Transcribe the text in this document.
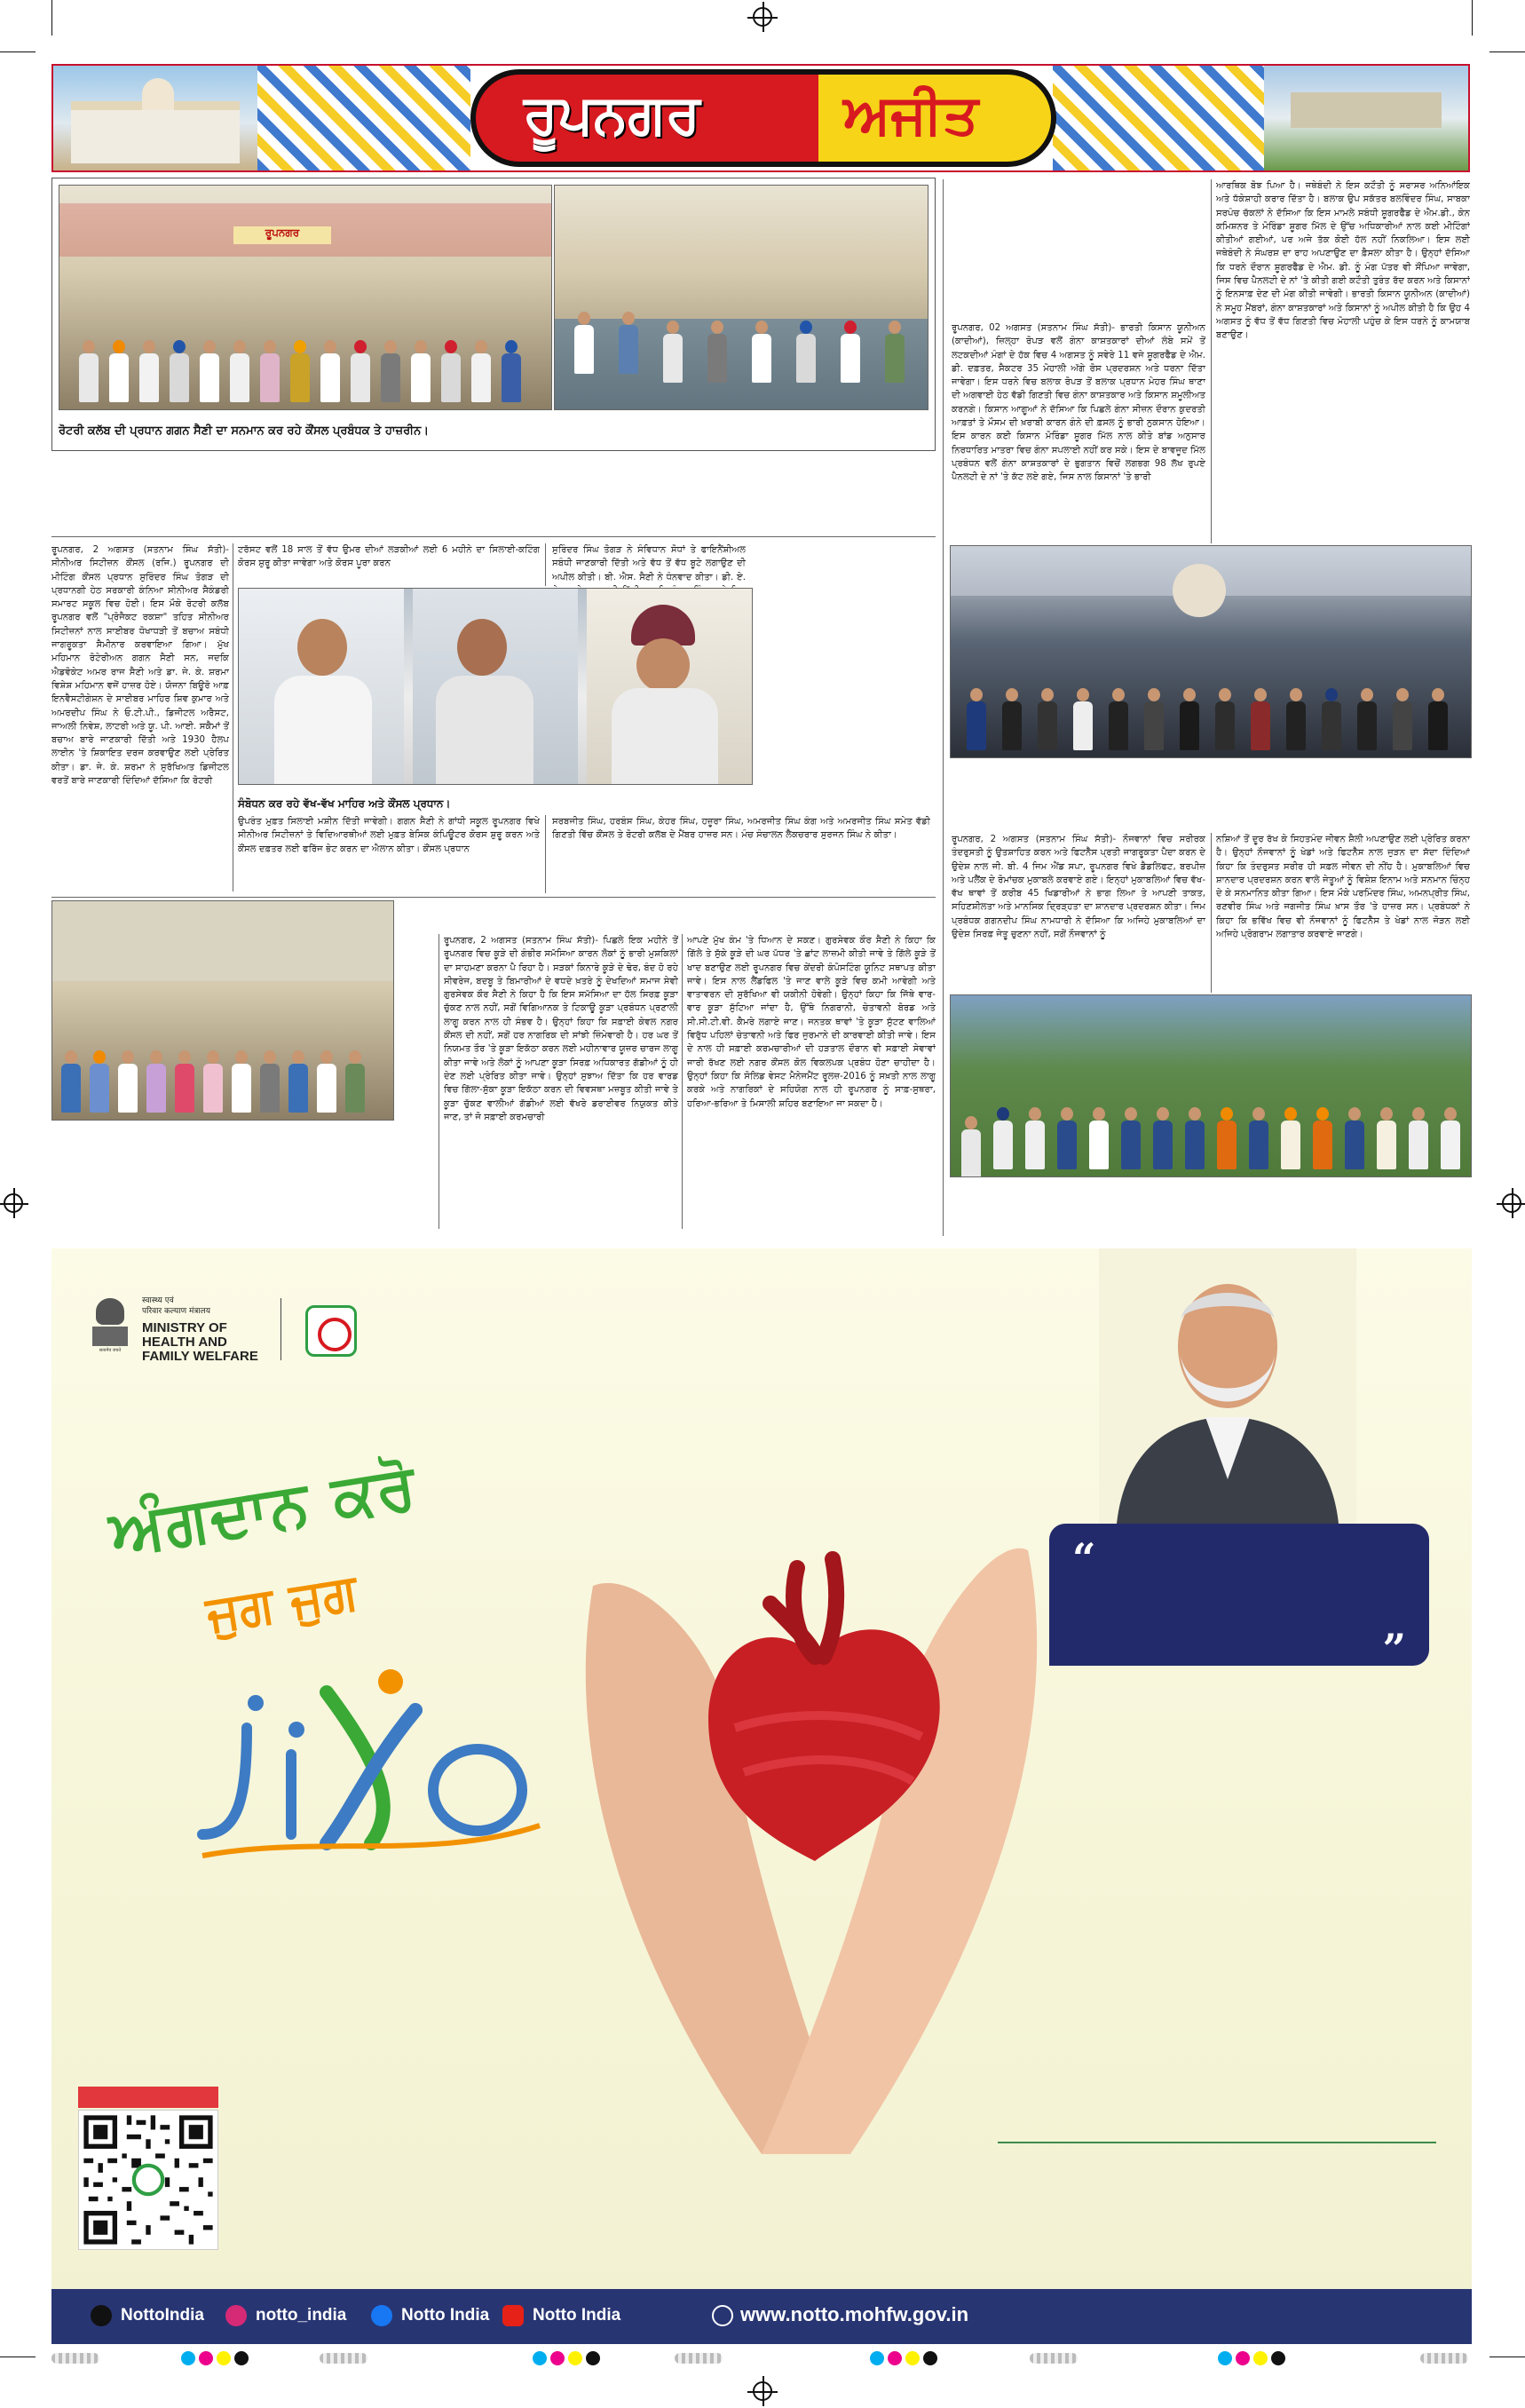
ਰੂਪਨਗਰ	ਅਜੀਤ
ਰੂਪਨਗਰ
ਰੋਟਰੀ ਕਲੱਬ ਦੀ ਪ੍ਰਧਾਨ ਗਗਨ ਸੈਣੀ ਦਾ ਸਨਮਾਨ ਕਰ ਰਹੇ ਕੌਂਸਲ ਪ੍ਰਬੰਧਕ ਤੇ ਹਾਜ਼ਰੀਨ।
ਰੂਪਨਗਰ, 02 ਅਗਸਤ (ਸਤਨਾਮ ਸਿੰਘ ਸੱਤੀ)- ਭਾਰਤੀ ਕਿਸਾਨ ਯੂਨੀਅਨ (ਕਾਦੀਆਂ), ਜ਼ਿਲ੍ਹਾ ਰੋਪੜ ਵਲੋਂ ਗੰਨਾ ਕਾਸ਼ਤਕਾਰਾਂ ਦੀਆਂ ਲੰਬੇ ਸਮੇਂ ਤੋਂ ਲਟਕਦੀਆਂ ਮੰਗਾਂ ਦੇ ਹੱਕ ਵਿਚ 4 ਅਗਸਤ ਨੂੰ ਸਵੇਰੇ 11 ਵਜੇ ਸ਼ੂਗਰਫੈੱਡ ਦੇ ਐਮ. ਡੀ. ਦਫ਼ਤਰ, ਸੈਕਟਰ 35 ਮੋਹਾਲੀ ਅੱਗੇ ਰੋਸ ਪ੍ਰਦਰਸ਼ਨ ਅਤੇ ਧਰਨਾ ਦਿੱਤਾ ਜਾਵੇਗਾ। ਇਸ ਧਰਨੇ ਵਿਚ ਬਲਾਕ ਰੋਪੜ ਤੋਂ ਬਲਾਕ ਪ੍ਰਧਾਨ ਮੇਹਰ ਸਿੰਘ ਥਾਣਾ ਦੀ ਅਗਵਾਈ ਹੇਠ ਵੱਡੀ ਗਿਣਤੀ ਵਿਚ ਗੰਨਾ ਕਾਸ਼ਤਕਾਰ ਅਤੇ ਕਿਸਾਨ ਸ਼ਮੂਲੀਅਤ ਕਰਨਗੇ। ਕਿਸਾਨ ਆਗੂਆਂ ਨੇ ਦੱਸਿਆ ਕਿ ਪਿਛਲੇ ਗੰਨਾ ਸੀਜ਼ਨ ਦੌਰਾਨ ਕੁਦਰਤੀ ਆਫ਼ਤਾਂ ਤੇ ਮੌਸਮ ਦੀ ਖ਼ਰਾਬੀ ਕਾਰਨ ਗੰਨੇ ਦੀ ਫ਼ਸਲ ਨੂੰ ਭਾਰੀ ਨੁਕਸਾਨ ਹੋਇਆ। ਇਸ ਕਾਰਨ ਕਈ ਕਿਸਾਨ ਮੋਰਿੰਡਾ ਸ਼ੂਗਰ ਮਿੱਲ ਨਾਲ ਕੀਤੇ ਬਾਂਡ ਅਨੁਸਾਰ ਨਿਰਧਾਰਿਤ ਮਾਤਰਾ ਵਿਚ ਗੰਨਾ ਸਪਲਾਈ ਨਹੀਂ ਕਰ ਸਕੇ। ਇਸ ਦੇ ਬਾਵਜੂਦ ਮਿੱਲ ਪ੍ਰਬੰਧਨ ਵਲੋਂ ਗੰਨਾ ਕਾਸ਼ਤਕਾਰਾਂ ਦੇ ਭੁਗਤਾਨ ਵਿਚੋਂ ਲਗਭਗ 98 ਲੱਖ ਰੁਪਏ ਪੈਨਲਟੀ ਦੇ ਨਾਂ 'ਤੇ ਕੱਟ ਲਏ ਗਏ, ਜਿਸ ਨਾਲ ਕਿਸਾਨਾਂ 'ਤੇ ਭਾਰੀ
ਆਰਥਿਕ ਬੋਝ ਪਿਆ ਹੈ। ਜਥੇਬੰਦੀ ਨੇ ਇਸ ਕਟੌਤੀ ਨੂੰ ਸਰਾਸਰ ਅਨਿਆਂਇਕ ਅਤੇ ਧੱਕੇਸ਼ਾਹੀ ਕਰਾਰ ਦਿੱਤਾ ਹੈ। ਬਲਾਕ ਉਪ ਸਕੱਤਰ ਬਲਵਿੰਦਰ ਸਿੰਘ, ਸਾਬਕਾ ਸਰਪੰਚ ਚੱਕਲਾਂ ਨੇ ਦੱਸਿਆ ਕਿ ਇਸ ਮਾਮਲੇ ਸਬੰਧੀ ਸ਼ੂਗਰਫੈੱਡ ਦੇ ਐਮ.ਡੀ., ਕੇਨ ਕਮਿਸ਼ਨਰ ਤੇ ਮੋਰਿੰਡਾ ਸ਼ੂਗਰ ਮਿੱਲ ਦੇ ਉੱਚ ਅਧਿਕਾਰੀਆਂ ਨਾਲ ਕਈ ਮੀਟਿੰਗਾਂ ਕੀਤੀਆਂ ਗਈਆਂ, ਪਰ ਅਜੇ ਤੱਕ ਕੋਈ ਹੱਲ ਨਹੀਂ ਨਿਕਲਿਆ। ਇਸ ਲਈ ਜਥੇਬੰਦੀ ਨੇ ਸੰਘਰਸ਼ ਦਾ ਰਾਹ ਅਪਣਾਉਣ ਦਾ ਫ਼ੈਸਲਾ ਕੀਤਾ ਹੈ। ਉਨ੍ਹਾਂ ਦੱਸਿਆ ਕਿ ਧਰਨੇ ਦੌਰਾਨ ਸ਼ੂਗਰਫੈੱਡ ਦੇ ਐਮ. ਡੀ. ਨੂੰ ਮੰਗ ਪੱਤਰ ਵੀ ਸੌਂਪਿਆ ਜਾਵੇਗਾ, ਜਿਸ ਵਿਚ ਪੈਨਲਟੀ ਦੇ ਨਾਂ 'ਤੇ ਕੀਤੀ ਗਈ ਕਟੌਤੀ ਤੁਰੰਤ ਰੱਦ ਕਰਨ ਅਤੇ ਕਿਸਾਨਾਂ ਨੂੰ ਇਨਸਾਫ਼ ਦੇਣ ਦੀ ਮੰਗ ਕੀਤੀ ਜਾਵੇਗੀ। ਭਾਰਤੀ ਕਿਸਾਨ ਯੂਨੀਅਨ (ਕਾਦੀਆਂ) ਨੇ ਸਮੂਹ ਮੈਂਬਰਾਂ, ਗੰਨਾ ਕਾਸ਼ਤਕਾਰਾਂ ਅਤੇ ਕਿਸਾਨਾਂ ਨੂੰ ਅਪੀਲ ਕੀਤੀ ਹੈ ਕਿ ਉਹ 4 ਅਗਸਤ ਨੂੰ ਵੱਧ ਤੋਂ ਵੱਧ ਗਿਣਤੀ ਵਿਚ ਮੋਹਾਲੀ ਪਹੁੰਚ ਕੇ ਇਸ ਧਰਨੇ ਨੂੰ ਕਾਮਯਾਬ ਬਣਾਉਣ।
ਰੂਪਨਗਰ, 2 ਅਗਸਤ (ਸਤਨਾਮ ਸਿੰਘ ਸੱਤੀ)- ਸੀਨੀਅਰ ਸਿਟੀਜ਼ਨ ਕੌਂਸਲ (ਰਜਿ.) ਰੂਪਨਗਰ ਦੀ ਮੀਟਿੰਗ ਕੌਂਸਲ ਪ੍ਰਧਾਨ ਸੁਰਿੰਦਰ ਸਿੰਘ ਤੋਗੜ ਦੀ ਪ੍ਰਧਾਨਗੀ ਹੇਠ ਸਰਕਾਰੀ ਕੰਨਿਆ ਸੀਨੀਅਰ ਸੈਕੰਡਰੀ ਸਮਾਰਟ ਸਕੂਲ ਵਿਚ ਹੋਈ। ਇਸ ਮੌਕੇ ਰੋਟਰੀ ਕਲੱਬ ਰੂਪਨਗਰ ਵਲੋਂ "ਪ੍ਰੋਜੈਕਟ ਰਕਸ਼ਾ" ਤਹਿਤ ਸੀਨੀਅਰ ਸਿਟੀਜ਼ਨਾਂ ਨਾਲ ਸਾਈਬਰ ਧੋਖਾਧੜੀ ਤੋਂ ਬਚਾਅ ਸਬੰਧੀ ਜਾਗਰੂਕਤਾ ਸੈਮੀਨਾਰ ਕਰਵਾਇਆ ਗਿਆ। ਮੁੱਖ ਮਹਿਮਾਨ ਰੋਟੇਰੀਅਨ ਗਗਨ ਸੈਣੀ ਸਨ, ਜਦਕਿ ਐਡਵੋਕੇਟ ਅਮਰ ਰਾਜ ਸੈਣੀ ਅਤੇ ਡਾ. ਜੇ. ਕੇ. ਸ਼ਰਮਾ ਵਿਸ਼ੇਸ਼ ਮਹਿਮਾਨ ਵਜੋਂ ਹਾਜ਼ਰ ਹੋਏ। ਯੋਜਨਾ ਬਿਊਰੋ ਆਫ਼ ਇਨਵੈਸਟੀਗੇਸ਼ਨ ਦੇ ਸਾਈਬਰ ਮਾਹਿਰ ਸ਼ਿਵ ਕੁਮਾਰ ਅਤੇ ਅਮਰਦੀਪ ਸਿੰਘ ਨੇ ਓ.ਟੀ.ਪੀ., ਡਿਜੀਟਲ ਅਰੈਸਟ, ਜਾਅਲੀ ਨਿਵੇਸ਼, ਲਾਟਰੀ ਅਤੇ ਯੂ. ਪੀ. ਆਈ. ਸਕੈਮਾਂ ਤੋਂ ਬਚਾਅ ਬਾਰੇ ਜਾਣਕਾਰੀ ਦਿੱਤੀ ਅਤੇ 1930 ਹੈਲਪ ਲਾਈਨ 'ਤੇ ਸ਼ਿਕਾਇਤ ਦਰਜ ਕਰਵਾਉਣ ਲਈ ਪ੍ਰੇਰਿਤ ਕੀਤਾ। ਡਾ. ਜੇ. ਕੇ. ਸ਼ਰਮਾ ਨੇ ਸੁਰੱਖਿਅਤ ਡਿਜੀਟਲ ਵਰਤੋਂ ਬਾਰੇ ਜਾਣਕਾਰੀ ਦਿੰਦਿਆਂ ਦੱਸਿਆ ਕਿ ਰੋਟਰੀ
ਟਰੱਸਟ ਵਲੋਂ 18 ਸਾਲ ਤੋਂ ਵੱਧ ਉਮਰ ਦੀਆਂ ਲੜਕੀਆਂ ਲਈ 6 ਮਹੀਨੇ ਦਾ ਸਿਲਾਈ-ਕਟਿੰਗ ਕੋਰਸ ਸ਼ੁਰੂ ਕੀਤਾ ਜਾਵੇਗਾ ਅਤੇ ਕੋਰਸ ਪੂਰਾ ਕਰਨ
ਸੁਰਿੰਦਰ ਸਿੰਘ ਤੋਗੜ ਨੇ ਸੰਵਿਧਾਨ ਸੋਧਾਂ ਤੇ ਫਾਇਨੈਂਸ਼ੀਅਲ ਸਬੰਧੀ ਜਾਣਕਾਰੀ ਦਿੱਤੀ ਅਤੇ ਵੱਧ ਤੋਂ ਵੱਧ ਬੂਟੇ ਲਗਾਉਣ ਦੀ ਅਪੀਲ ਕੀਤੀ। ਬੀ. ਐਸ. ਸੈਣੀ ਨੇ ਧੰਨਵਾਦ ਕੀਤਾ। ਡੀ. ਏ.
ਸੰਬੋਧਨ ਕਰ ਰਹੇ ਵੱਖ-ਵੱਖ ਮਾਹਿਰ ਅਤੇ ਕੌਂਸਲ ਪ੍ਰਧਾਨ।
ਉਪਰੰਤ ਮੁਫ਼ਤ ਸਿਲਾਈ ਮਸ਼ੀਨ ਦਿੱਤੀ ਜਾਵੇਗੀ। ਗਗਨ ਸੈਣੀ ਨੇ ਗਾਂਧੀ ਸਕੂਲ ਰੂਪਨਗਰ ਵਿਖੇ ਸੀਨੀਅਰ ਸਿਟੀਜ਼ਨਾਂ ਤੇ ਵਿਦਿਆਰਥੀਆਂ ਲਈ ਮੁਫ਼ਤ ਬੇਸਿਕ ਕੰਪਿਊਟਰ ਕੋਰਸ ਸ਼ੁਰੂ ਕਰਨ ਅਤੇ ਕੌਂਸਲ ਦਫ਼ਤਰ ਲਈ ਫਰਿੱਜ ਭੇਟ ਕਰਨ ਦਾ ਐਲਾਨ ਕੀਤਾ। ਕੌਂਸਲ ਪ੍ਰਧਾਨ
ਸਰਬਜੀਤ ਸਿੰਘ, ਹਰਬੰਸ ਸਿੰਘ, ਕੇਹਰ ਸਿੰਘ, ਹਜ਼ੂਰਾ ਸਿੰਘ, ਅਮਰਜੀਤ ਸਿੰਘ ਕੰਗ ਅਤੇ ਅਮਰਜੀਤ ਸਿੰਘ ਸਮੇਤ ਵੱਡੀ ਗਿਣਤੀ ਵਿੱਚ ਕੌਂਸਲ ਤੇ ਰੋਟਰੀ ਕਲੱਬ ਦੇ ਮੈਂਬਰ ਹਾਜ਼ਰ ਸਨ। ਮੰਚ ਸੰਚਾਲਨ ਲੈਕਚਰਾਰ ਸੁਰਜਨ ਸਿੰਘ ਨੇ ਕੀਤਾ।	ਰੂਪਨਗਰ, 2 ਅਗਸਤ (ਸਤਨਾਮ ਸਿੰਘ ਸੱਤੀ)- ਨੌਜਵਾਨਾਂ ਵਿਚ ਸਰੀਰਕ ਤੰਦਰੁਸਤੀ ਨੂੰ ਉਤਸ਼ਾਹਿਤ ਕਰਨ ਅਤੇ ਫਿਟਨੈੱਸ ਪ੍ਰਤੀ ਜਾਗਰੂਕਤਾ ਪੈਦਾ ਕਰਨ ਦੇ ਉਦੇਸ਼ ਨਾਲ ਜੀ. ਬੀ. 4 ਜਿਮ ਐਂਡ ਸਪਾ, ਰੂਪਨਗਰ ਵਿਖੇ ਡੈਡਲਿਫਟ, ਬਰਪੀਜ਼ ਅਤੇ ਪਲੈਂਕ ਦੇ ਰੋਮਾਂਚਕ ਮੁਕਾਬਲੇ ਕਰਵਾਏ ਗਏ। ਇਨ੍ਹਾਂ ਮੁਕਾਬਲਿਆਂ ਵਿਚ ਵੱਖ-ਵੱਖ ਥਾਵਾਂ ਤੋਂ ਕਰੀਬ 45 ਖਿਡਾਰੀਆਂ ਨੇ ਭਾਗ ਲਿਆ ਤੇ ਆਪਣੀ ਤਾਕਤ, ਸਹਿਣਸ਼ੀਲਤਾ ਅਤੇ ਮਾਨਸਿਕ ਦ੍ਰਿੜ੍ਹਤਾ ਦਾ ਸ਼ਾਨਦਾਰ ਪ੍ਰਦਰਸ਼ਨ ਕੀਤਾ। ਜਿਮ ਪ੍ਰਬੰਧਕ ਗਗਨਦੀਪ ਸਿੰਘ ਨਾਮਧਾਰੀ ਨੇ ਦੱਸਿਆ ਕਿ ਅਜਿਹੇ ਮੁਕਾਬਲਿਆਂ ਦਾ ਉਦੇਸ਼ ਸਿਰਫ਼ ਜੇਤੂ ਚੁਣਨਾ ਨਹੀਂ, ਸਗੋਂ ਨੌਜਵਾਨਾਂ ਨੂੰ
ਨਸ਼ਿਆਂ ਤੋਂ ਦੂਰ ਰੱਖ ਕੇ ਸਿਹਤਮੰਦ ਜੀਵਨ ਸ਼ੈਲੀ ਅਪਣਾਉਣ ਲਈ ਪ੍ਰੇਰਿਤ ਕਰਨਾ ਹੈ। ਉਨ੍ਹਾਂ ਨੌਜਵਾਨਾਂ ਨੂੰ ਖੇਡਾਂ ਅਤੇ ਫਿਟਨੈੱਸ ਨਾਲ ਜੁੜਨ ਦਾ ਸੱਦਾ ਦਿੰਦਿਆਂ ਕਿਹਾ ਕਿ ਤੰਦਰੁਸਤ ਸਰੀਰ ਹੀ ਸਫ਼ਲ ਜੀਵਨ ਦੀ ਨੀਂਹ ਹੈ। ਮੁਕਾਬਲਿਆਂ ਵਿਚ ਸ਼ਾਨਦਾਰ ਪ੍ਰਦਰਸ਼ਨ ਕਰਨ ਵਾਲੇ ਜੇਤੂਆਂ ਨੂੰ ਵਿਸ਼ੇਸ਼ ਇਨਾਮ ਅਤੇ ਸਨਮਾਨ ਚਿੰਨ੍ਹ ਦੇ ਕੇ ਸਨਮਾਨਿਤ ਕੀਤਾ ਗਿਆ। ਇਸ ਮੌਕੇ ਪਰਮਿੰਦਰ ਸਿੰਘ, ਅਮਨਪ੍ਰੀਤ ਸਿੰਘ, ਰਣਵੀਰ ਸਿੰਘ ਅਤੇ ਜਗਜੀਤ ਸਿੰਘ ਖ਼ਾਸ ਤੌਰ 'ਤੇ ਹਾਜ਼ਰ ਸਨ। ਪ੍ਰਬੰਧਕਾਂ ਨੇ ਕਿਹਾ ਕਿ ਭਵਿੱਖ ਵਿਚ ਵੀ ਨੌਜਵਾਨਾਂ ਨੂੰ ਫਿਟਨੈੱਸ ਤੇ ਖੇਡਾਂ ਨਾਲ ਜੋੜਨ ਲਈ ਅਜਿਹੇ ਪ੍ਰੋਗਰਾਮ ਲਗਾਤਾਰ ਕਰਵਾਏ ਜਾਣਗੇ।
ਰੂਪਨਗਰ, 2 ਅਗਸਤ (ਸਤਨਾਮ ਸਿੰਘ ਸੱਤੀ)- ਪਿਛਲੇ ਇਕ ਮਹੀਨੇ ਤੋਂ ਰੂਪਨਗਰ ਵਿਚ ਕੂੜੇ ਦੀ ਗੰਭੀਰ ਸਮੱਸਿਆ ਕਾਰਨ ਲੋਕਾਂ ਨੂੰ ਭਾਰੀ ਮੁਸ਼ਕਿਲਾਂ ਦਾ ਸਾਹਮਣਾ ਕਰਨਾ ਪੈ ਰਿਹਾ ਹੈ। ਸੜਕਾਂ ਕਿਨਾਰੇ ਕੂੜੇ ਦੇ ਢੇਰ, ਬੰਦ ਹੋ ਰਹੇ ਸੀਵਰੇਜ, ਬਦਬੂ ਤੇ ਬਿਮਾਰੀਆਂ ਦੇ ਵਧਦੇ ਖ਼ਤਰੇ ਨੂੰ ਦੇਖਦਿਆਂ ਸਮਾਜ ਸੇਵੀ ਗੁਰਸੇਵਕ ਕੌਰ ਸੈਣੀ ਨੇ ਕਿਹਾ ਹੈ ਕਿ ਇਸ ਸਮੱਸਿਆ ਦਾ ਹੱਲ ਸਿਰਫ਼ ਕੂੜਾ ਚੁੱਕਣ ਨਾਲ ਨਹੀਂ, ਸਗੋਂ ਵਿਗਿਆਨਕ ਤੇ ਟਿਕਾਊ ਕੂੜਾ ਪ੍ਰਬੰਧਨ ਪ੍ਰਣਾਲੀ ਲਾਗੂ ਕਰਨ ਨਾਲ ਹੀ ਸੰਭਵ ਹੈ। ਉਨ੍ਹਾਂ ਕਿਹਾ ਕਿ ਸਫ਼ਾਈ ਕੇਵਲ ਨਗਰ ਕੌਂਸਲ ਦੀ ਨਹੀਂ, ਸਗੋਂ ਹਰ ਨਾਗਰਿਕ ਦੀ ਸਾਂਝੀ ਜ਼ਿੰਮੇਵਾਰੀ ਹੈ। ਹਰ ਘਰ ਤੋਂ ਨਿਯਮਤ ਤੌਰ 'ਤੇ ਕੂੜਾ ਇਕੱਠਾ ਕਰਨ ਲਈ ਮਹੀਨਾਵਾਰ ਯੂਜ਼ਰ ਚਾਰਜ ਲਾਗੂ ਕੀਤਾ ਜਾਵੇ ਅਤੇ ਲੋਕਾਂ ਨੂੰ ਆਪਣਾ ਕੂੜਾ ਸਿਰਫ਼ ਅਧਿਕਾਰਤ ਗੱਡੀਆਂ ਨੂੰ ਹੀ ਦੇਣ ਲਈ ਪ੍ਰੇਰਿਤ ਕੀਤਾ ਜਾਵੇ। ਉਨ੍ਹਾਂ ਸੁਝਾਅ ਦਿੱਤਾ ਕਿ ਹਰ ਵਾਰਡ ਵਿਚ ਗਿੱਲਾ-ਸੁੱਕਾ ਕੂੜਾ ਇਕੱਠਾ ਕਰਨ ਦੀ ਵਿਵਸਥਾ ਮਜ਼ਬੂਤ ਕੀਤੀ ਜਾਵੇ ਤੇ ਕੂੜਾ ਚੁੱਕਣ ਵਾਲੀਆਂ ਗੱਡੀਆਂ ਲਈ ਵੱਖਰੇ ਡਰਾਈਵਰ ਨਿਯੁਕਤ ਕੀਤੇ ਜਾਣ, ਤਾਂ ਜੋ ਸਫ਼ਾਈ ਕਰਮਚਾਰੀ
ਆਪਣੇ ਮੁੱਖ ਕੰਮ 'ਤੇ ਧਿਆਨ ਦੇ ਸਕਣ। ਗੁਰਸੇਵਕ ਕੌਰ ਸੈਣੀ ਨੇ ਕਿਹਾ ਕਿ ਗਿੱਲੇ ਤੇ ਸੁੱਕੇ ਕੂੜੇ ਦੀ ਘਰ ਪੱਧਰ 'ਤੇ ਛਾਂਟ ਲਾਜ਼ਮੀ ਕੀਤੀ ਜਾਵੇ ਤੇ ਗਿੱਲੇ ਕੂੜੇ ਤੋਂ ਖਾਦ ਬਣਾਉਣ ਲਈ ਰੂਪਨਗਰ ਵਿਚ ਕੇਂਦਰੀ ਕੰਪੋਸਟਿੰਗ ਯੂਨਿਟ ਸਥਾਪਤ ਕੀਤਾ ਜਾਵੇ। ਇਸ ਨਾਲ ਲੈਂਡਫਿਲ 'ਤੇ ਜਾਣ ਵਾਲੇ ਕੂੜੇ ਵਿਚ ਕਮੀ ਆਵੇਗੀ ਅਤੇ ਵਾਤਾਵਰਨ ਦੀ ਸੁਰੱਖਿਆ ਵੀ ਯਕੀਨੀ ਹੋਵੇਗੀ। ਉਨ੍ਹਾਂ ਕਿਹਾ ਕਿ ਜਿੱਥੇ ਵਾਰ-ਵਾਰ ਕੂੜਾ ਸੁੱਟਿਆ ਜਾਂਦਾ ਹੈ, ਉੱਥੇ ਨਿਗਰਾਨੀ, ਚੇਤਾਵਨੀ ਬੋਰਡ ਅਤੇ ਸੀ.ਸੀ.ਟੀ.ਵੀ. ਕੈਮਰੇ ਲਗਾਏ ਜਾਣ। ਜਨਤਕ ਥਾਵਾਂ 'ਤੇ ਕੂੜਾ ਸੁੱਟਣ ਵਾਲਿਆਂ ਵਿਰੁੱਧ ਪਹਿਲਾਂ ਚੇਤਾਵਨੀ ਅਤੇ ਫਿਰ ਜੁਰਮਾਨੇ ਦੀ ਕਾਰਵਾਈ ਕੀਤੀ ਜਾਵੇ। ਇਸ ਦੇ ਨਾਲ ਹੀ ਸਫ਼ਾਈ ਕਰਮਚਾਰੀਆਂ ਦੀ ਹੜਤਾਲ ਦੌਰਾਨ ਵੀ ਸਫ਼ਾਈ ਸੇਵਾਵਾਂ ਜਾਰੀ ਰੱਖਣ ਲਈ ਨਗਰ ਕੌਂਸਲ ਕੋਲ ਵਿਕਲਪਕ ਪ੍ਰਬੰਧ ਹੋਣਾ ਚਾਹੀਦਾ ਹੈ। ਉਨ੍ਹਾਂ ਕਿਹਾ ਕਿ ਸੋਲਿਡ ਵੇਸਟ ਮੈਨੇਜਮੈਂਟ ਰੂਲਜ਼-2016 ਨੂੰ ਸਖ਼ਤੀ ਨਾਲ ਲਾਗੂ ਕਰਕੇ ਅਤੇ ਨਾਗਰਿਕਾਂ ਦੇ ਸਹਿਯੋਗ ਨਾਲ ਹੀ ਰੂਪਨਗਰ ਨੂੰ ਸਾਫ਼-ਸੁਥਰਾ, ਹਰਿਆ-ਭਰਿਆ ਤੇ ਮਿਸਾਲੀ ਸ਼ਹਿਰ ਬਣਾਇਆ ਜਾ ਸਕਦਾ ਹੈ।
सत्यमेव जयते
स्वास्थ्य एवं
परिवार कल्याण मंत्रालय
MINISTRY OF
HEALTH AND
FAMILY WELFARE
ਅੰਗਦਾਨ ਕਰੋ
ਜੁਗ ਜੁਗ
Jiyo
“
”
NottoIndia	notto_india	Notto India	Notto India	www.notto.mohfw.gov.in
